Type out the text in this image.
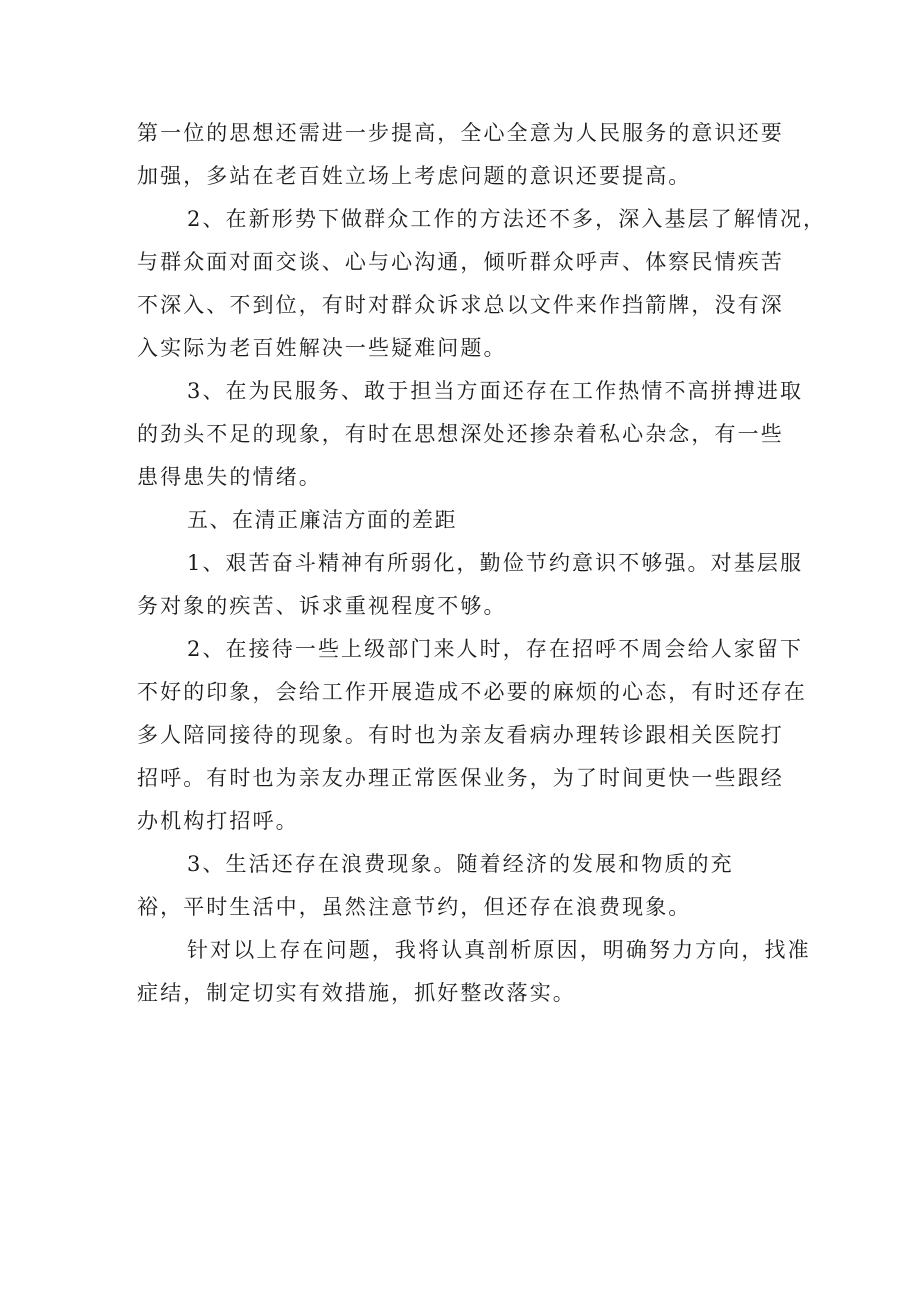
第一位的思想还需进一步提高，全心全意为人民服务的意识还要
加强，多站在老百姓立场上考虑问题的意识还要提高。
2、在新形势下做群众工作的方法还不多，深入基层了解情况，
与群众面对面交谈、心与心沟通，倾听群众呼声、体察民情疾苦
不深入、不到位，有时对群众诉求总以文件来作挡箭牌，没有深
入实际为老百姓解决一些疑难问题。
3、在为民服务、敢于担当方面还存在工作热情不高拼搏进取
的劲头不足的现象，有时在思想深处还掺杂着私心杂念，有一些
患得患失的情绪。
五、在清正廉洁方面的差距
1、艰苦奋斗精神有所弱化，勤俭节约意识不够强。对基层服
务对象的疾苦、诉求重视程度不够。
2、在接待一些上级部门来人时，存在招呼不周会给人家留下
不好的印象，会给工作开展造成不必要的麻烦的心态，有时还存在
多人陪同接待的现象。有时也为亲友看病办理转诊跟相关医院打
招呼。有时也为亲友办理正常医保业务，为了时间更快一些跟经
办机构打招呼。
3、生活还存在浪费现象。随着经济的发展和物质的充
裕，平时生活中，虽然注意节约，但还存在浪费现象。
针对以上存在问题，我将认真剖析原因，明确努力方向，找准
症结，制定切实有效措施，抓好整改落实。
